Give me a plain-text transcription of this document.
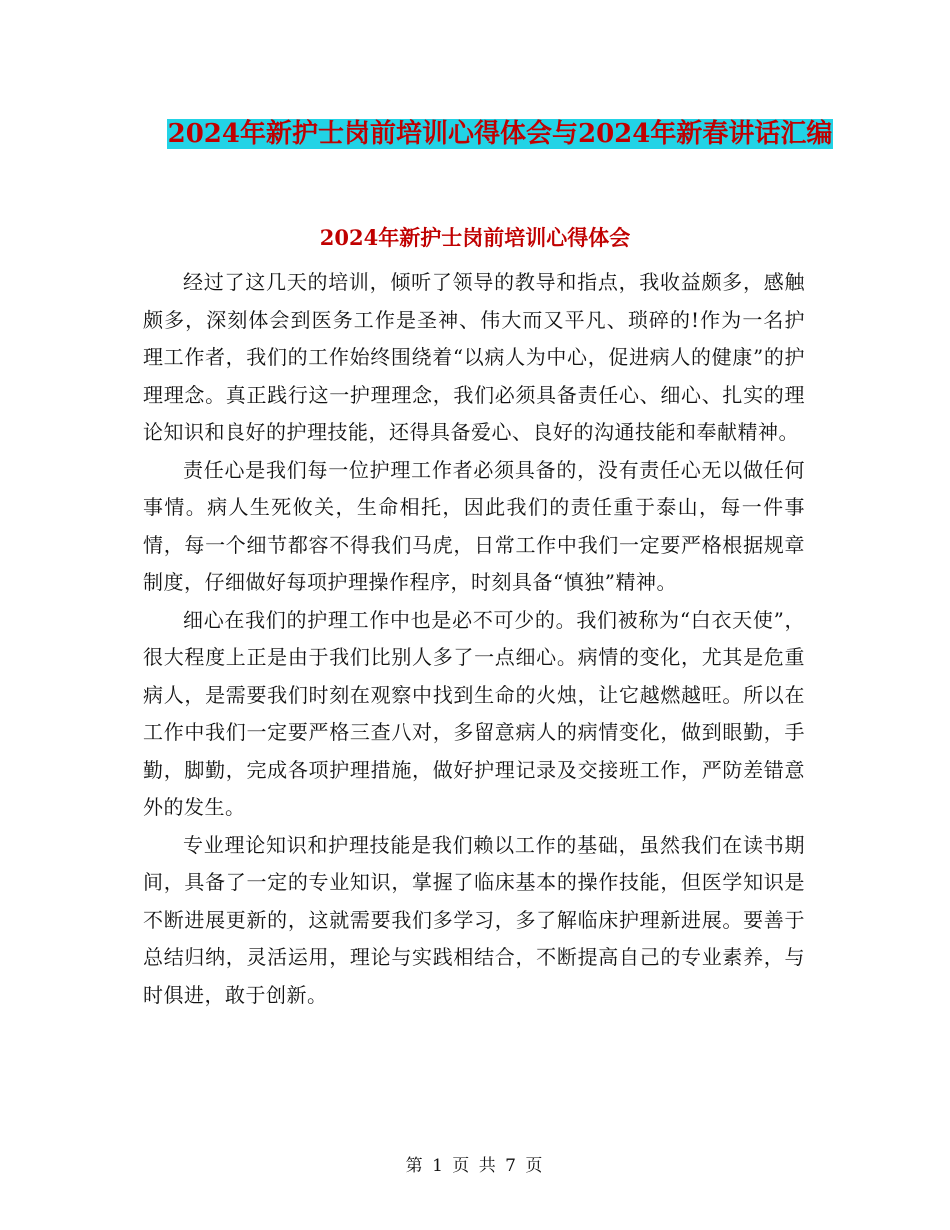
2024年新护士岗前培训心得体会与2024年新春讲话汇编
2024年新护士岗前培训心得体会

经过了这几天的培训，倾听了领导的教导和指点，我收益颇多，感触颇多，深刻体会到医务工作是圣神、伟大而又平凡、琐碎的!作为一名护理工作者，我们的工作始终围绕着“以病人为中心，促进病人的健康”的护理理念。真正践行这一护理理念，我们必须具备责任心、细心、扎实的理论知识和良好的护理技能，还得具备爱心、良好的沟通技能和奉献精神。

责任心是我们每一位护理工作者必须具备的，没有责任心无以做任何事情。病人生死攸关，生命相托，因此我们的责任重于泰山，每一件事情，每一个细节都容不得我们马虎，日常工作中我们一定要严格根据规章制度，仔细做好每项护理操作程序，时刻具备“慎独”精神。

细心在我们的护理工作中也是必不可少的。我们被称为“白衣天使”，很大程度上正是由于我们比别人多了一点细心。病情的变化，尤其是危重病人，是需要我们时刻在观察中找到生命的火烛，让它越燃越旺。所以在工作中我们一定要严格三查八对，多留意病人的病情变化，做到眼勤，手勤，脚勤，完成各项护理措施，做好护理记录及交接班工作，严防差错意外的发生。

专业理论知识和护理技能是我们赖以工作的基础，虽然我们在读书期间，具备了一定的专业知识，掌握了临床基本的操作技能，但医学知识是不断进展更新的，这就需要我们多学习，多了解临床护理新进展。要善于总结归纳，灵活运用，理论与实践相结合，不断提高自己的专业素养，与时俱进，敢于创新。

第 1 页 共 7 页
